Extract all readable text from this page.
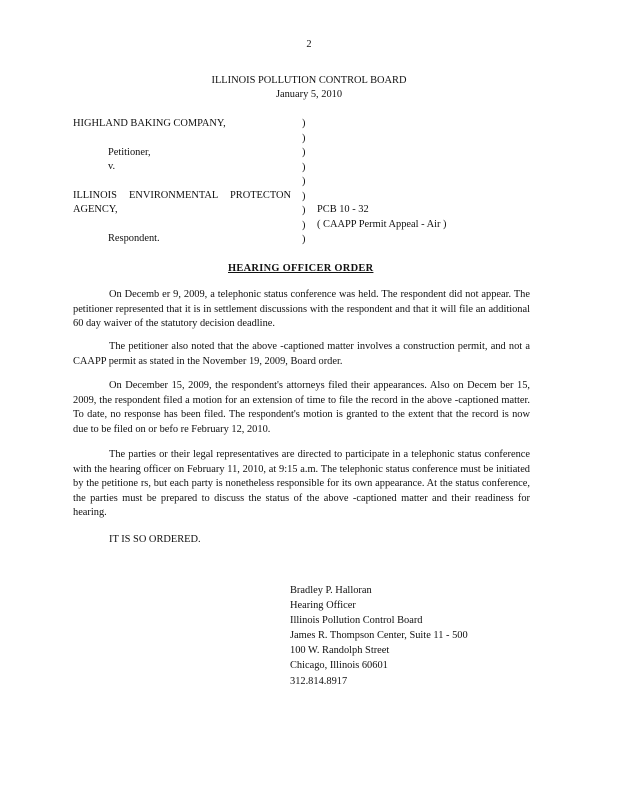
2
ILLINOIS POLLUTION CONTROL BOARD
January 5, 2010
HIGHLAND BAKING COMPANY,
Petitioner,
v.
ILLINOIS ENVIRONMENTAL PROTECTON
AGENCY,
Respondent.
)
)
)
)
)
)
)
)
)
PCB 10 - 32
( CAAPP Permit Appeal - Air )
HEARING OFFICER ORDER
On Decemb er 9, 2009, a telephonic status conference was held. The respondent did not appear. The petitioner represented that it is in settlement discussions with the respondent and that it will file an additional 60 day waiver of the statutory decision deadline.
The petitioner also noted that the above -captioned matter involves a construction permit, and not a CAAPP permit as stated in the November 19, 2009, Board order.
On December 15, 2009, the respondent's attorneys filed their appearances. Also on Decem ber 15, 2009, the respondent filed a motion for an extension of time to file the record in the above -captioned matter. To date, no response has been filed. The respondent's motion is granted to the extent that the record is now due to be filed on or befo re February 12, 2010.
The parties or their legal representatives are directed to participate in a telephonic status conference with the hearing officer on February 11, 2010, at 9:15 a.m. The telephonic status conference must be initiated by the petitione rs, but each party is nonetheless responsible for its own appearance. At the status conference, the parties must be prepared to discuss the status of the above -captioned matter and their readiness for hearing.
IT IS SO ORDERED.
Bradley P. Halloran
Hearing Officer
Illinois Pollution Control Board
James R. Thompson Center, Suite 11 - 500
100 W. Randolph Street
Chicago, Illinois 60601
312.814.8917
